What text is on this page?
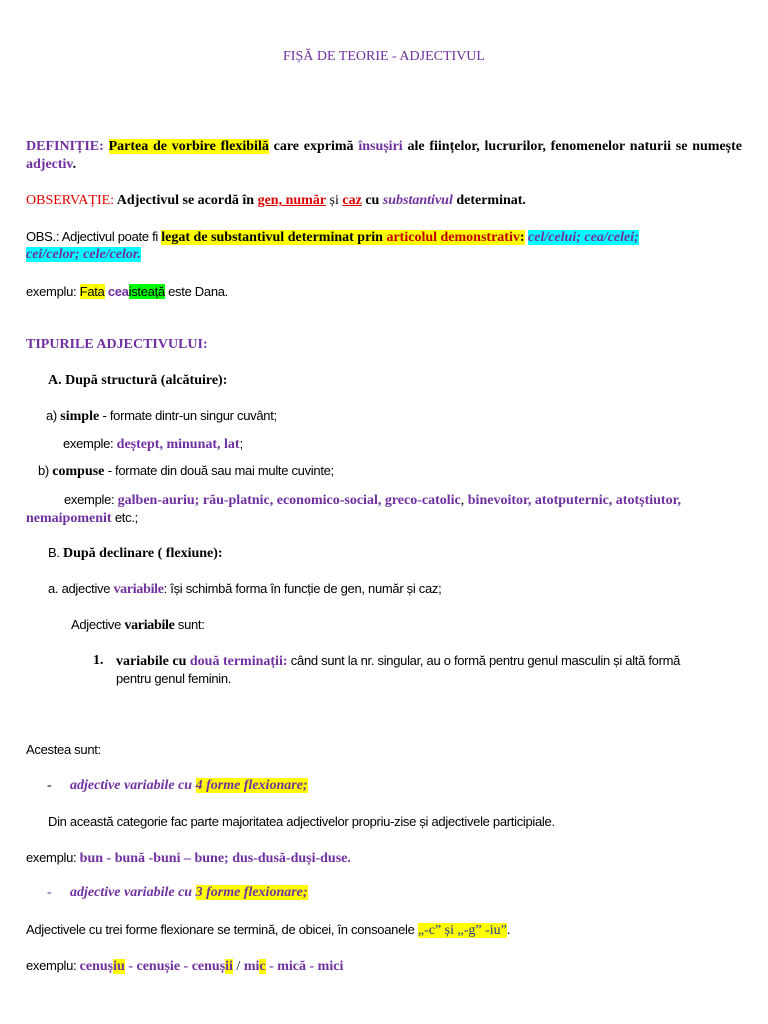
FIȘĂ DE TEORIE - ADJECTIVUL
DEFINIȚIE: Partea de vorbire flexibilă care exprimă însușiri ale ființelor, lucrurilor, fenomenelor naturii se numește adjectiv.
OBSERVAȚIE: Adjectivul se acordă în gen, număr și caz cu substantivul determinat.
OBS.: Adjectivul poate fi legat de substantivul determinat prin articolul demonstrativ: cel/celui; cea/celei;
cei/celor; cele/celor.
exemplu: Fata ceaisteață este Dana.
TIPURILE ADJECTIVULUI:
A. După structură (alcătuire):
a) simple - formate dintr-un singur cuvânt;
exemple: deștept, minunat, lat;
b) compuse - formate din două sau mai multe cuvinte;
exemple: galben-auriu; rău-platnic, economico-social, greco-catolic, binevoitor, atotputernic, atotștiutor,
nemaipomenit etc.;
B. După declinare ( flexiune):
a. adjective variabile: își schimbă forma în funcție de gen, număr și caz;
Adjective variabile sunt:
1. variabile cu două terminații: când sunt la nr. singular, au o formă pentru genul masculin și altă formă
pentru genul feminin.
Acestea sunt:
- adjective variabile cu 4 forme flexionare;
Din această categorie fac parte majoritatea adjectivelor propriu-zise și adjectivele participiale.
exemplu: bun - bună -buni – bune; dus-dusă-duși-duse.
- adjective variabile cu 3 forme flexionare;
Adjectivele cu trei forme flexionare se termină, de obicei, în consoanele „-c” și „-g” -iu”.
exemplu: cenușiu - cenușie - cenușii / mic - mică - mici
